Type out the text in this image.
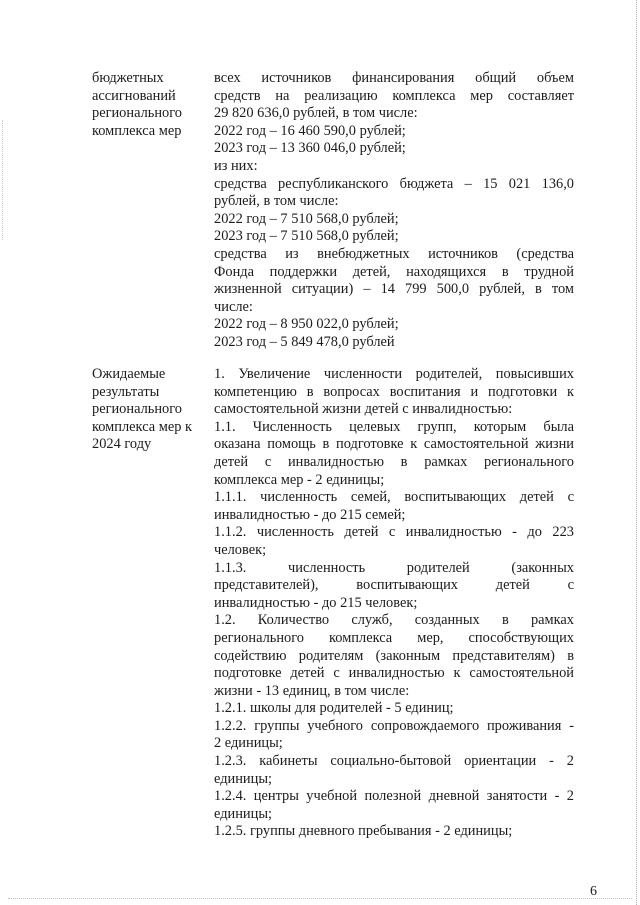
бюджетных
ассигнований
регионального
комплекса мер
всех источников финансирования общий объем
средств на реализацию комплекса мер составляет
29 820 636,0 рублей, в том числе:
2022 год – 16 460 590,0 рублей;
2023 год – 13 360 046,0 рублей;
из них:
средства республиканского бюджета – 15 021 136,0
рублей, в том числе:
2022 год – 7 510 568,0 рублей;
2023 год – 7 510 568,0 рублей;
средства из внебюджетных источников (средства
Фонда поддержки детей, находящихся в трудной
жизненной ситуации) – 14 799 500,0 рублей, в том
числе:
2022 год – 8 950 022,0 рублей;
2023 год – 5 849 478,0 рублей
Ожидаемые
результаты
регионального
комплекса мер к
2024 году
1. Увеличение численности родителей, повысивших
компетенцию в вопросах воспитания и подготовки к
самостоятельной жизни детей с инвалидностью:
1.1. Численность целевых групп, которым была
оказана помощь в подготовке к самостоятельной жизни
детей с инвалидностью в рамках регионального
комплекса мер - 2 единицы;
1.1.1. численность семей, воспитывающих детей с
инвалидностью - до 215 семей;
1.1.2. численность детей с инвалидностью - до 223
человек;
1.1.3. численность родителей (законных
представителей), воспитывающих детей с
инвалидностью - до 215 человек;
1.2. Количество служб, созданных в рамках
регионального комплекса мер, способствующих
содействию родителям (законным представителям) в
подготовке детей с инвалидностью к самостоятельной
жизни - 13 единиц, в том числе:
1.2.1. школы для родителей - 5 единиц;
1.2.2. группы учебного сопровождаемого проживания -
2 единицы;
1.2.3. кабинеты социально-бытовой ориентации - 2
единицы;
1.2.4. центры учебной полезной дневной занятости - 2
единицы;
1.2.5. группы дневного пребывания - 2 единицы;
6
